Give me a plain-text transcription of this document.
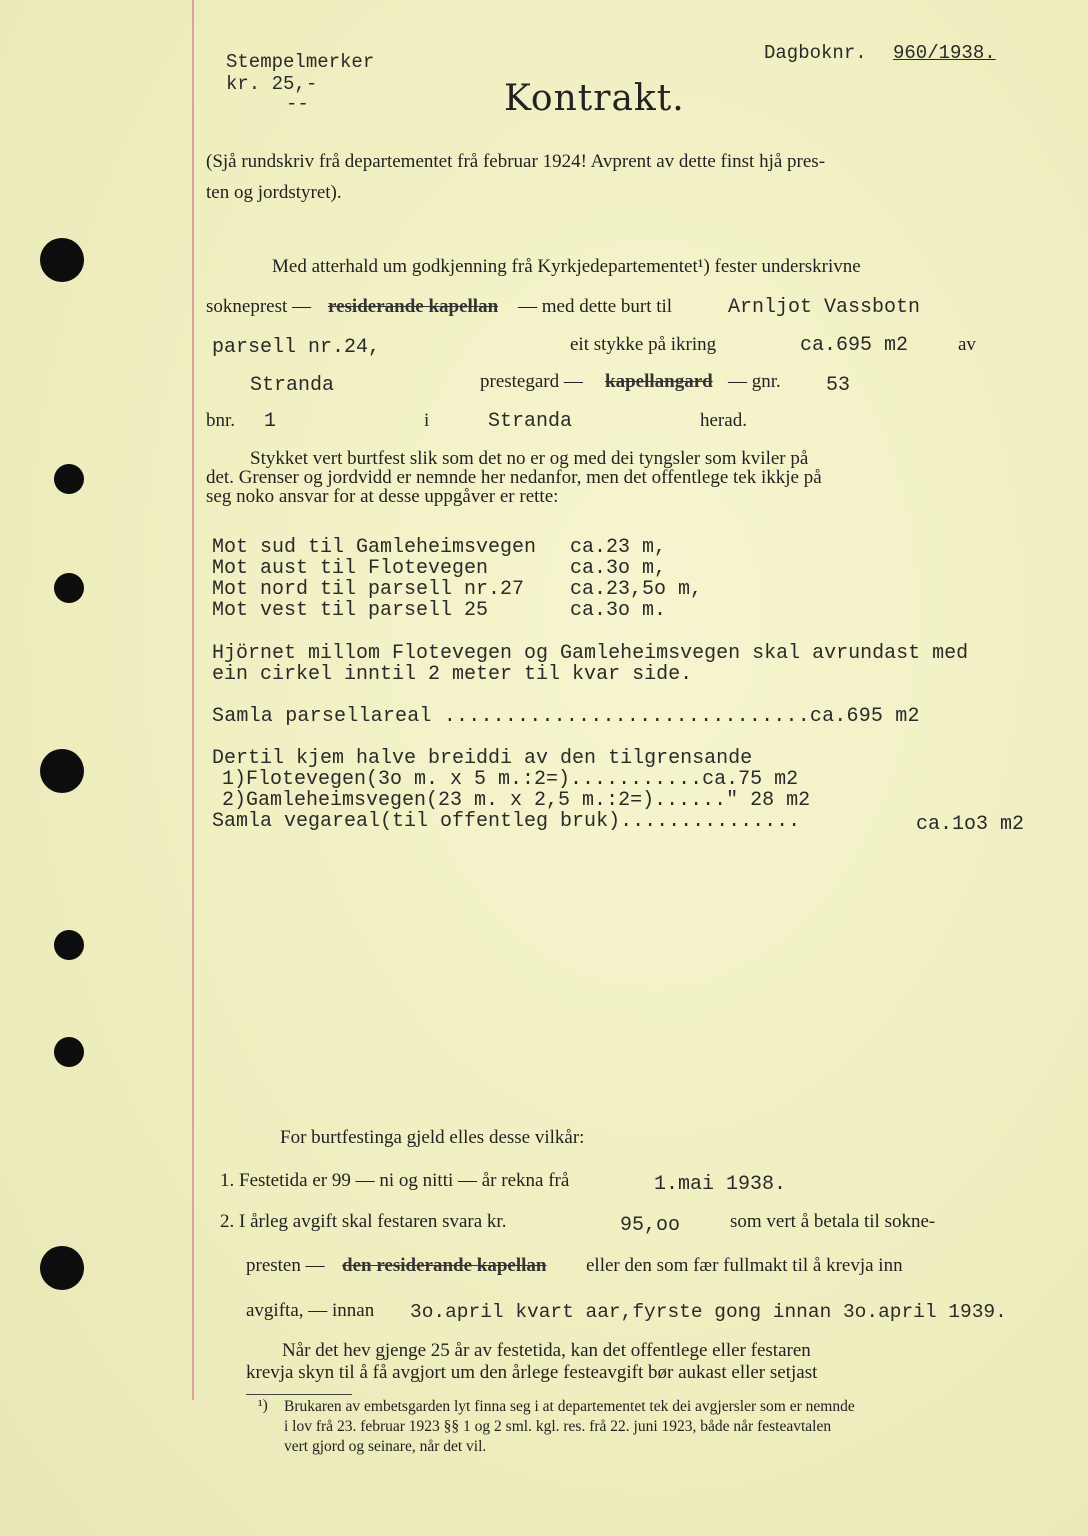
Stempelmerker
kr. 25,-
--
Dagboknr. 960/1938.
Kontrakt.
(Sjå rundskriv frå departementet frå februar 1924! Avprent av dette finst hjå pres-
ten og jordstyret).
Med atterhald um godkjenning frå Kyrkjedepartementet¹) fester underskrivne
sokneprest — residerande kapellan — med dette burt til	Arnljot Vassbotn
parsell nr.24,	eit stykke på ikring	ca.695 m2	av
Stranda	prestegard — kapellangard — gnr. 53
bnr. 1	i	Stranda	herad.
Stykket vert burtfest slik som det no er og med dei tyngsler som kviler på
det. Grenser og jordvidd er nemnde her nedanfor, men det offentlege tek ikkje på
seg noko ansvar for at desse uppgåver er rette:
Mot sud til Gamleheimsvegen ca.23 m,
Mot aust til Flotevegen	ca.3o m,
Mot nord til parsell nr.27 ca.23,5o m,
Mot vest til parsell 25	ca.3o m.
Hjörnet millom Flotevegen og Gamleheimsvegen skal avrundast med
ein cirkel inntil 2 meter til kvar side.
Samla parsellareal ..............................ca.695 m2
Dertil kjem halve breiddi av den tilgrensande
1)Flotevegen(3o m. x 5 m.:2=)...........ca.75 m2
2)Gamleheimsvegen(23 m. x 2,5 m.:2=)......" 28 m2
Samla vegareal(til offentleg bruk)...............	ca.1o3 m2
For burtfestinga gjeld elles desse vilkår:
1. Festetida er 99 — ni og nitti — år rekna frå	1.mai 1938.
2. I årleg avgift skal festaren svara kr.	95,oo	som vert å betala til sokne-
presten — den residerande kapellan eller den som fær fullmakt til å krevja inn
avgifta, — innan 3o.april kvart aar,fyrste gong innan 3o.april 1939.
Når det hev gjenge 25 år av festetida, kan det offentlege eller festaren
krevja skyn til å få avgjort um den årlege festeavgift bør aukast eller setjast
¹) Brukaren av embetsgarden lyt finna seg i at departementet tek dei avgjersler som er nemnde
i lov frå 23. februar 1923 §§ 1 og 2 sml. kgl. res. frå 22. juni 1923, både når festeavtalen
vert gjord og seinare, når det vil.
